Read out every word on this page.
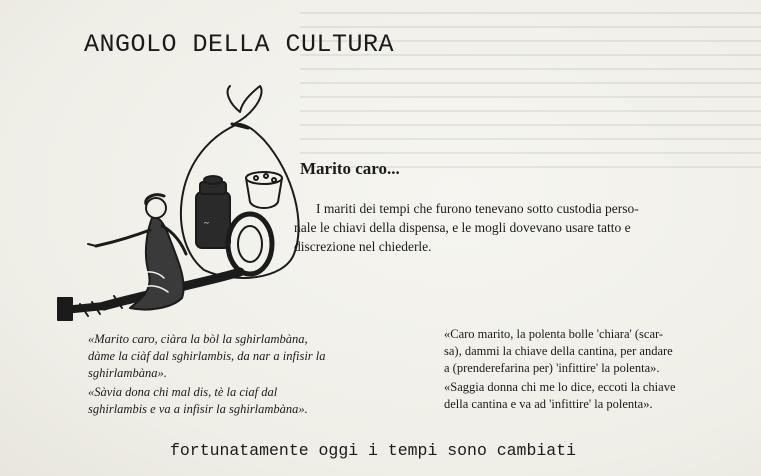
ANGOLO DELLA CULTURA
~
Marito caro...

I mariti dei tempi che furono tenevano sotto custodia perso-
nale le chiavi della dispensa, e le mogli dovevano usare tatto e
discrezione nel chiederle.

«Marito caro, ciàra la bòl la sghirlambàna,
dàme la ciàf dal sghirlambis, da nar a infisir la
sghirlambàna».

«Sàvia dona chi mal dis, tè la ciaf dal
sghirlambis e va a infisir la sghirlambàna».

«Caro marito, la polenta bolle 'chiara' (scar-
sa), dammi la chiave della cantina, per andare
a (prenderefarina per) 'infittire' la polenta».

«Saggia donna chi me lo dice, eccoti la chiave
della cantina e va ad 'infittire' la polenta».

fortunatamente oggi i tempi sono cambiati
